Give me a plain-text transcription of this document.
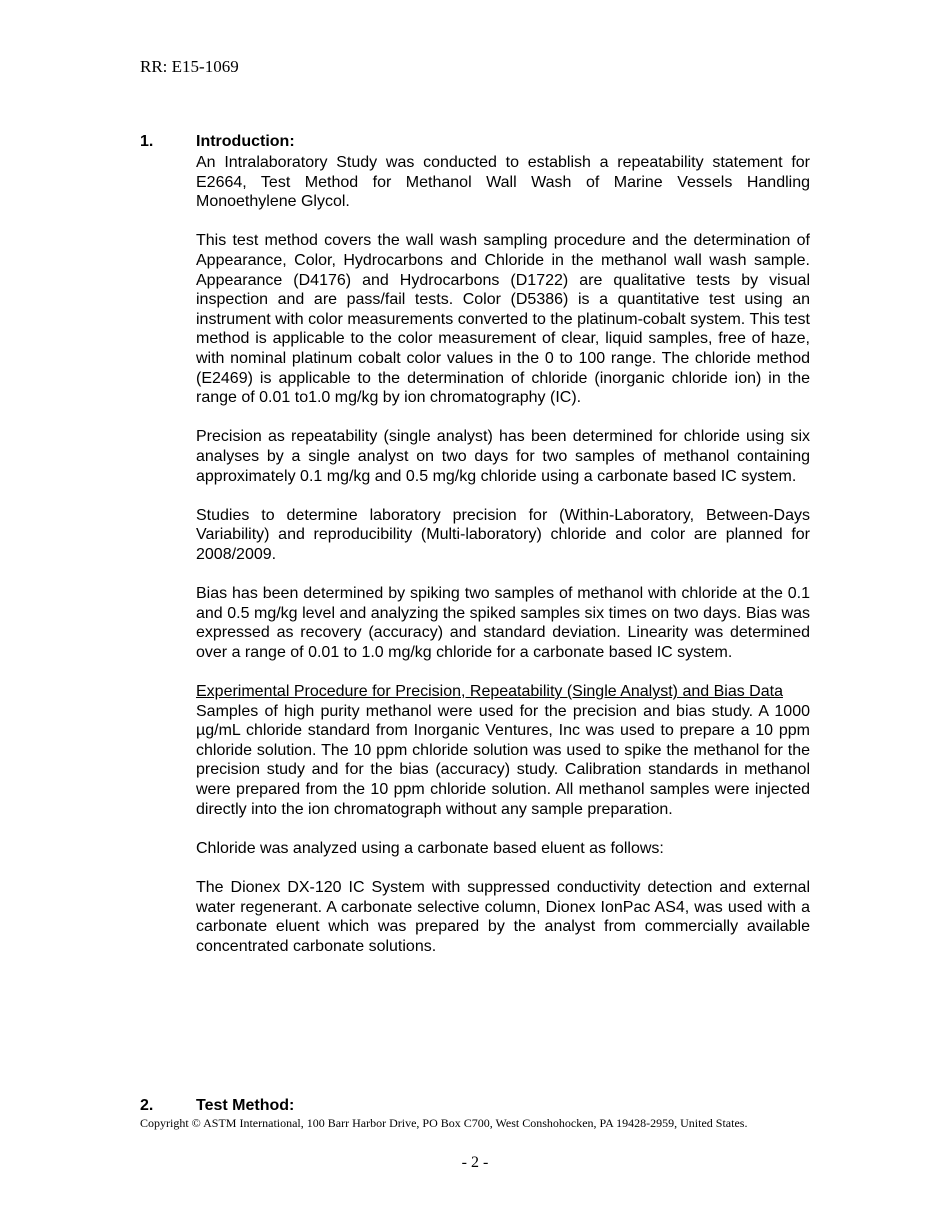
RR: E15-1069
1.	Introduction:

An Intralaboratory Study was conducted to establish a repeatability statement for E2664, Test Method for Methanol Wall Wash of Marine Vessels Handling Monoethylene Glycol.

This test method covers the wall wash sampling procedure and the determination of Appearance, Color, Hydrocarbons and Chloride in the methanol wall wash sample. Appearance (D4176) and Hydrocarbons (D1722) are qualitative tests by visual inspection and are pass/fail tests. Color (D5386) is a quantitative test using an instrument with color measurements converted to the platinum-cobalt system. This test method is applicable to the color measurement of clear, liquid samples, free of haze, with nominal platinum cobalt color values in the 0 to 100 range. The chloride method (E2469) is applicable to the determination of chloride (inorganic chloride ion) in the range of 0.01 to1.0 mg/kg by ion chromatography (IC).

Precision as repeatability (single analyst) has been determined for chloride using six analyses by a single analyst on two days for two samples of methanol containing approximately 0.1 mg/kg and 0.5 mg/kg chloride using a carbonate based IC system.

Studies to determine laboratory precision for (Within-Laboratory, Between-Days Variability) and reproducibility (Multi-laboratory) chloride and color are planned for 2008/2009.

Bias has been determined by spiking two samples of methanol with chloride at the 0.1 and 0.5 mg/kg level and analyzing the spiked samples six times on two days. Bias was expressed as recovery (accuracy) and standard deviation. Linearity was determined over a range of 0.01 to 1.0 mg/kg chloride for a carbonate based IC system.

Experimental Procedure for Precision, Repeatability (Single Analyst) and Bias Data

Samples of high purity methanol were used for the precision and bias study. A 1000 µg/mL chloride standard from Inorganic Ventures, Inc was used to prepare a 10 ppm chloride solution. The 10 ppm chloride solution was used to spike the methanol for the precision study and for the bias (accuracy) study. Calibration standards in methanol were prepared from the 10 ppm chloride solution. All methanol samples were injected directly into the ion chromatograph without any sample preparation.

Chloride was analyzed using a carbonate based eluent as follows:

The Dionex DX-120 IC System with suppressed conductivity detection and external water regenerant. A carbonate selective column, Dionex IonPac AS4, was used with a carbonate eluent which was prepared by the analyst from commercially available concentrated carbonate solutions.

2.	Test Method:
Copyright © ASTM International, 100 Barr Harbor Drive, PO Box C700, West Conshohocken, PA 19428-2959, United States.
- 2 -
